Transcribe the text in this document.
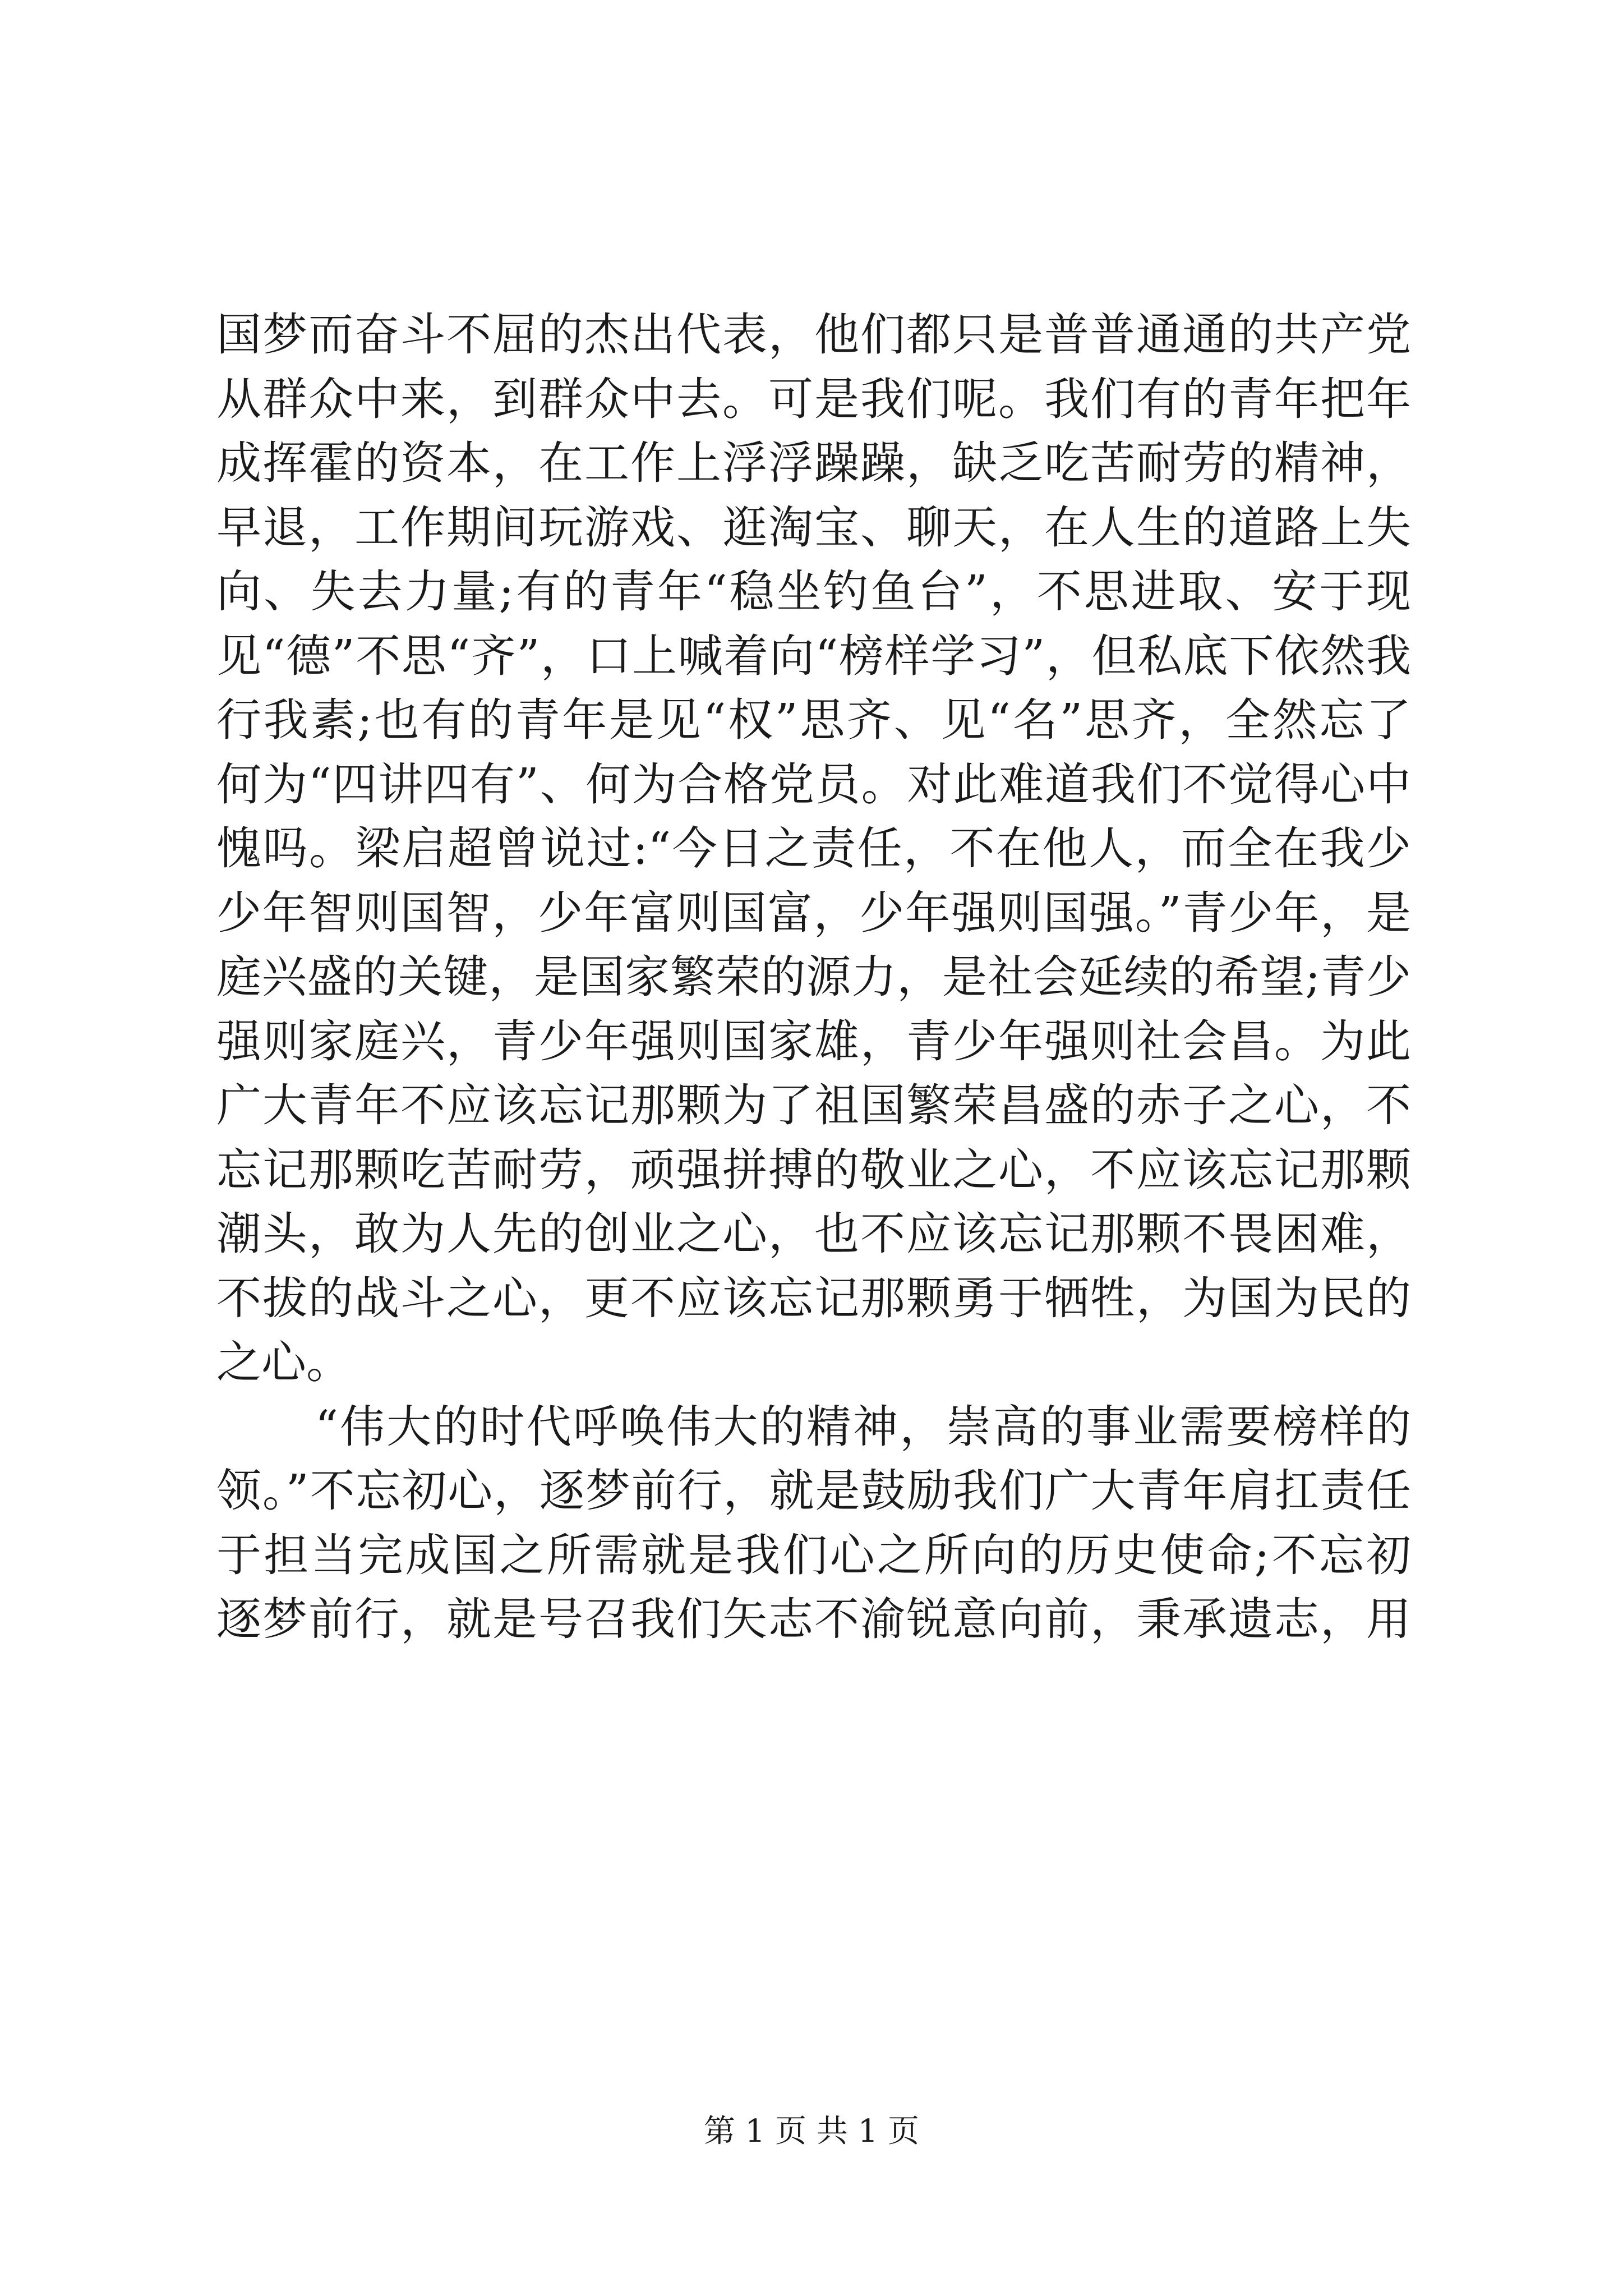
国梦而奋斗不屈的杰出代表，他们都只是普普通通的共产党
从群众中来，到群众中去。可是我们呢。我们有的青年把年
成挥霍的资本，在工作上浮浮躁躁，缺乏吃苦耐劳的精神，
早退，工作期间玩游戏、逛淘宝、聊天，在人生的道路上失
向、失去力量;有的青年“稳坐钓鱼台”，不思进取、安于现
见“德”不思“齐”，口上喊着向“榜样学习”，但私底下依然我
行我素;也有的青年是见“权”思齐、见“名”思齐，全然忘了
何为“四讲四有”、何为合格党员。对此难道我们不觉得心中
愧吗。梁启超曾说过:“今日之责任，不在他人，而全在我少
少年智则国智，少年富则国富，少年强则国强。”青少年，是
庭兴盛的关键，是国家繁荣的源力，是社会延续的希望;青少
强则家庭兴，青少年强则国家雄，青少年强则社会昌。为此
广大青年不应该忘记那颗为了祖国繁荣昌盛的赤子之心，不
忘记那颗吃苦耐劳，顽强拼搏的敬业之心，不应该忘记那颗
潮头，敢为人先的创业之心，也不应该忘记那颗不畏困难，
不拔的战斗之心，更不应该忘记那颗勇于牺牲，为国为民的
之心。
“伟大的时代呼唤伟大的精神，崇高的事业需要榜样的
领。”不忘初心，逐梦前行，就是鼓励我们广大青年肩扛责任
于担当完成国之所需就是我们心之所向的历史使命;不忘初
逐梦前行，就是号召我们矢志不渝锐意向前，秉承遗志，用
第 1 页 共 1 页
